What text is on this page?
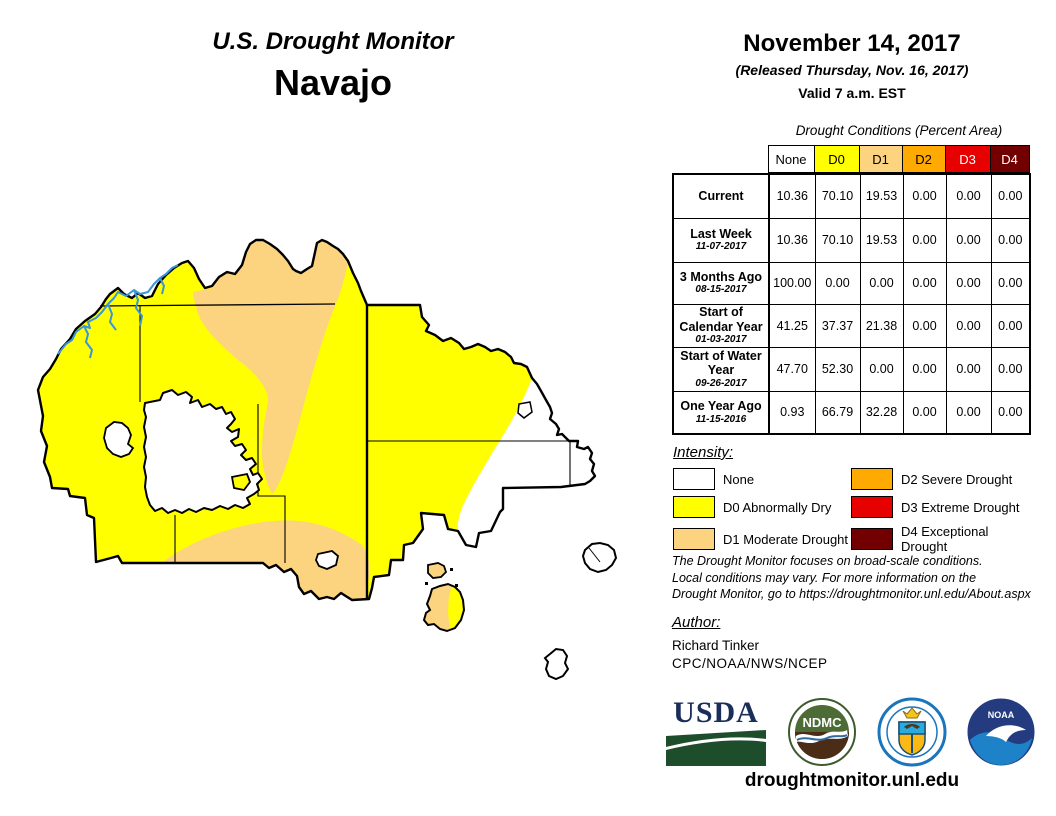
U.S. Drought Monitor
Navajo
November 14, 2017
(Released Thursday, Nov. 16, 2017)
Valid 7 a.m. EST
Drought Conditions (Percent Area)
	None	D0	D1	D2	D3	D4
Current	10.36	70.10	19.53	0.00	0.00	0.00
Last Week
11-07-2017	10.36	70.10	19.53	0.00	0.00	0.00
3 Months Ago
08-15-2017	100.00	0.00	0.00	0.00	0.00	0.00
Start of Calendar Year
01-03-2017	41.25	37.37	21.38	0.00	0.00	0.00
Start of Water Year
09-26-2017	47.70	52.30	0.00	0.00	0.00	0.00
One Year Ago
11-15-2016	0.93	66.79	32.28	0.00	0.00	0.00
Intensity:
None	D2 Severe Drought
D0 Abnormally Dry	D3 Extreme Drought
D1 Moderate Drought	D4 Exceptional Drought
The Drought Monitor focuses on broad-scale conditions.
Local conditions may vary. For more information on the
Drought Monitor, go to https://droughtmonitor.unl.edu/About.aspx
Author:
Richard Tinker
CPC/NOAA/NWS/NCEP
USDA	NDMC	NOAA
droughtmonitor.unl.edu
